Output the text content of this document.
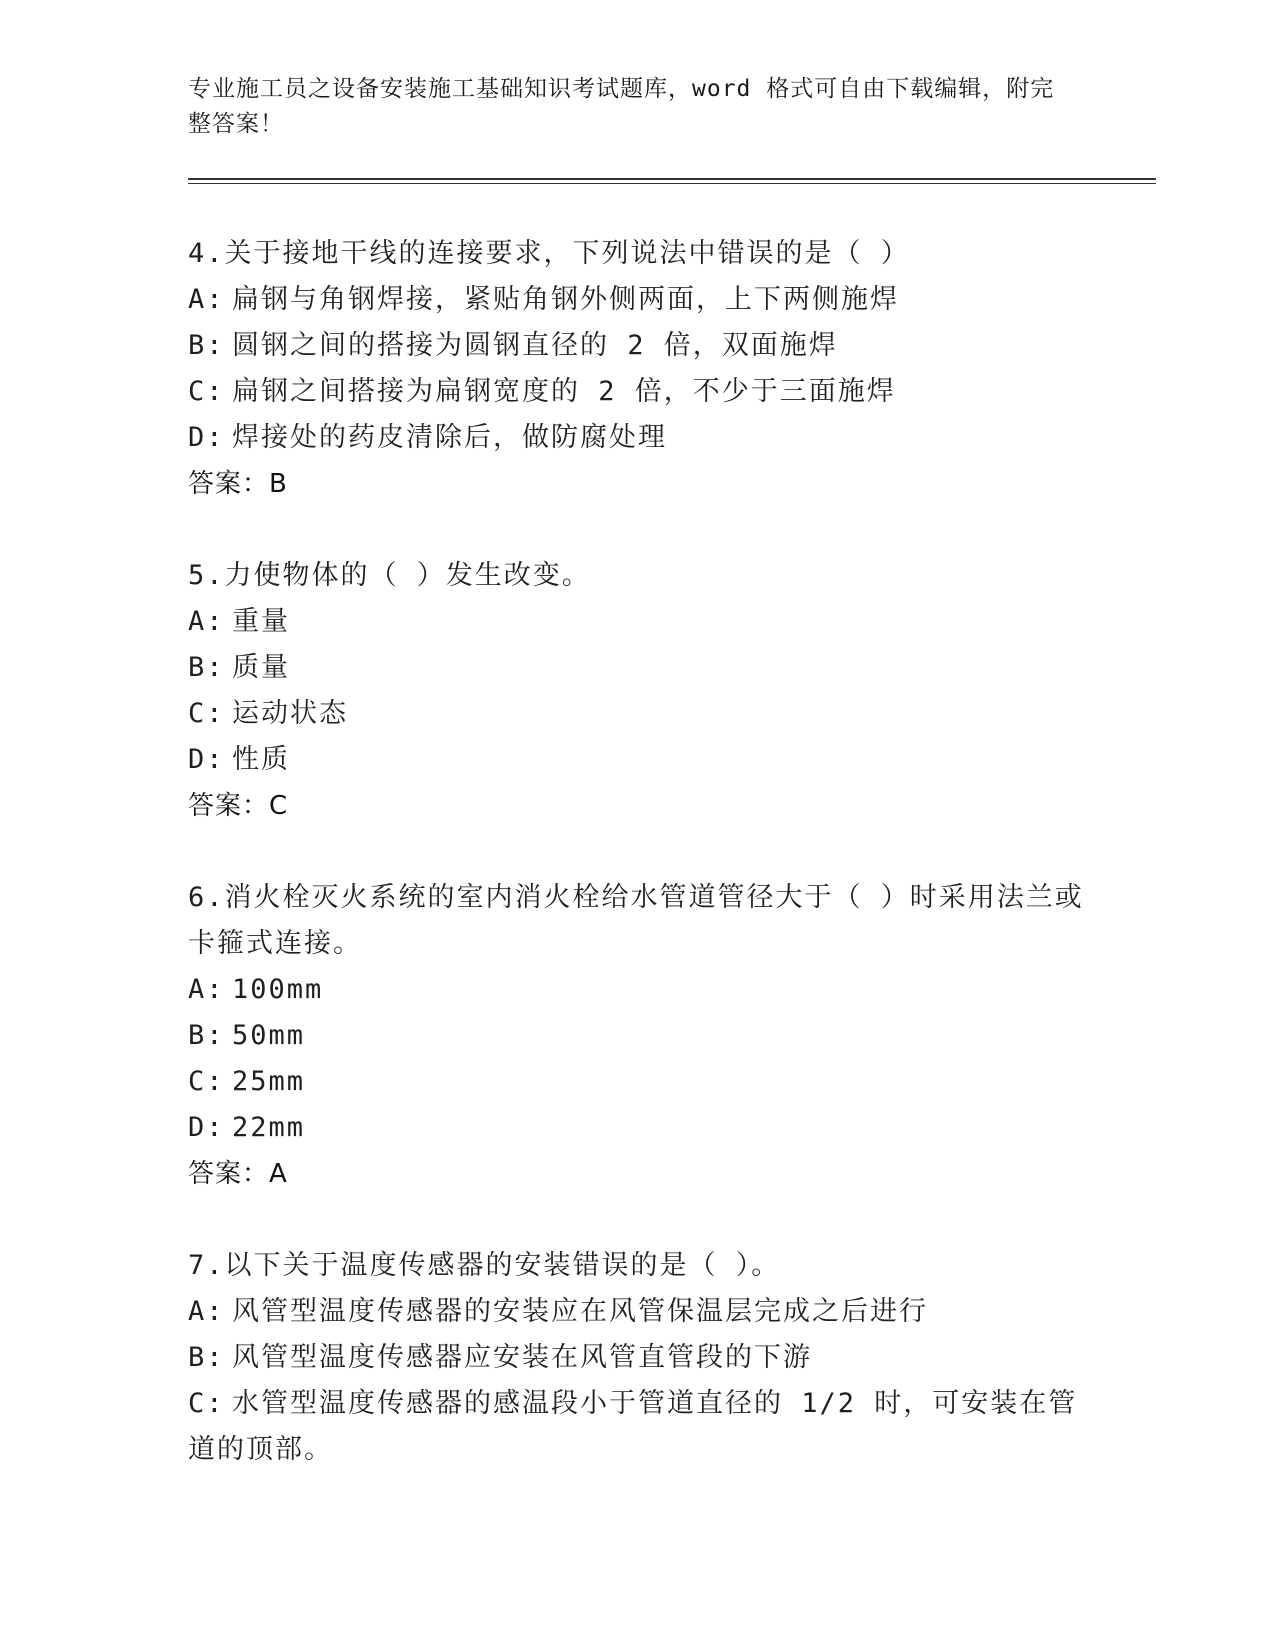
专业施工员之设备安装施工基础知识考试题库，word 格式可自由下载编辑，附完整答案！
4.关于接地干线的连接要求，下列说法中错误的是（ ）
A: 扁钢与角钢焊接，紧贴角钢外侧两面，上下两侧施焊
B: 圆钢之间的搭接为圆钢直径的 2 倍，双面施焊
C: 扁钢之间搭接为扁钢宽度的 2 倍，不少于三面施焊
D: 焊接处的药皮清除后，做防腐处理
答案：B
5.力使物体的（ ）发生改变。
A: 重量
B: 质量
C: 运动状态
D: 性质
答案：C
6.消火栓灭火系统的室内消火栓给水管道管径大于（ ）时采用法兰或卡箍式连接。
A: 100mm
B: 50mm
C: 25mm
D: 22mm
答案：A
7.以下关于温度传感器的安装错误的是（ ）。
A: 风管型温度传感器的安装应在风管保温层完成之后进行
B: 风管型温度传感器应安装在风管直管段的下游
C: 水管型温度传感器的感温段小于管道直径的 1/2 时，可安装在管道的顶部。
